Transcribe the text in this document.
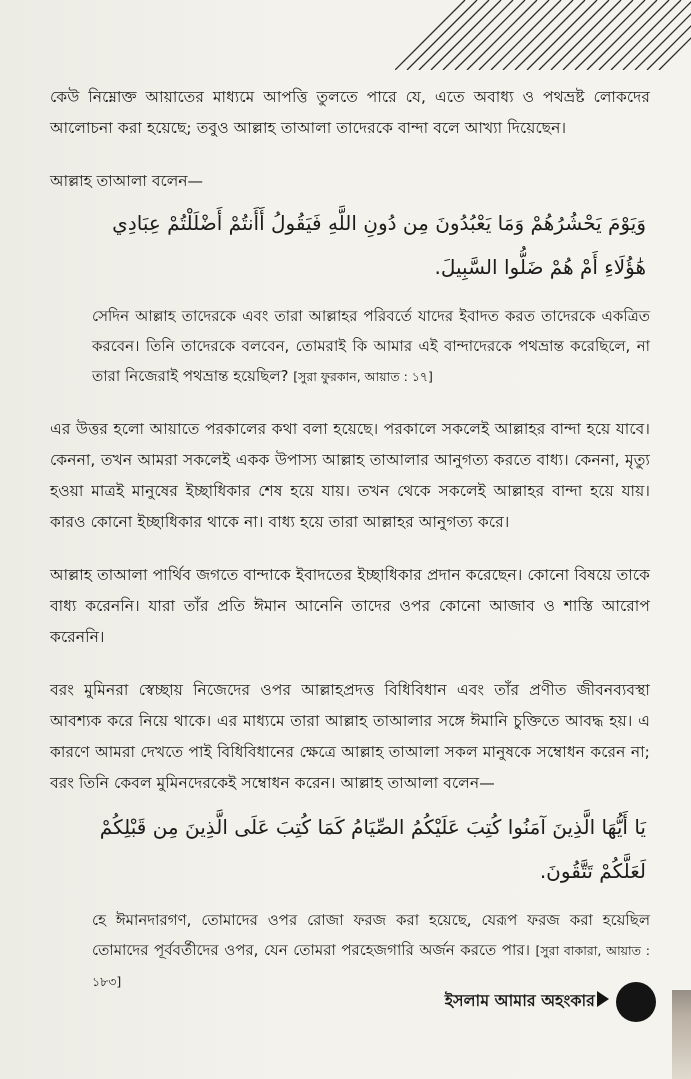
কেউ নিম্নোক্ত আয়াতের মাধ্যমে আপত্তি তুলতে পারে যে, এতে অবাধ্য ও পথভ্রষ্ট লোকদের আলোচনা করা হয়েছে; তবুও আল্লাহ তাআলা তাদেরকে বান্দা বলে আখ্যা দিয়েছেন।

আল্লাহ তাআলা বলেন—

وَيَوْمَ يَحْشُرُهُمْ وَمَا يَعْبُدُونَ مِن دُونِ اللَّهِ فَيَقُولُ أَأَنتُمْ أَضْلَلْتُمْ عِبَادِي هَٰؤُلَاءِ أَمْ هُمْ ضَلُّوا السَّبِيلَ.

সেদিন আল্লাহ তাদেরকে এবং তারা আল্লাহর পরিবর্তে যাদের ইবাদত করত তাদেরকে একত্রিত করবেন। তিনি তাদেরকে বলবেন, তোমরাই কি আমার এই বান্দাদেরকে পথভ্রান্ত করেছিলে, না তারা নিজেরাই পথভ্রান্ত হয়েছিল? [সুরা ফুরকান, আয়াত : ১৭]

এর উত্তর হলো আয়াতে পরকালের কথা বলা হয়েছে। পরকালে সকলেই আল্লাহর বান্দা হয়ে যাবে। কেননা, তখন আমরা সকলেই একক উপাস্য আল্লাহ তাআলার আনুগত্য করতে বাধ্য। কেননা, মৃত্যু হওয়া মাত্রই মানুষের ইচ্ছাধিকার শেষ হয়ে যায়। তখন থেকে সকলেই আল্লাহর বান্দা হয়ে যায়। কারও কোনো ইচ্ছাধিকার থাকে না। বাধ্য হয়ে তারা আল্লাহর আনুগত্য করে।

আল্লাহ তাআলা পার্থিব জগতে বান্দাকে ইবাদতের ইচ্ছাধিকার প্রদান করেছেন। কোনো বিষয়ে তাকে বাধ্য করেননি। যারা তাঁর প্রতি ঈমান আনেনি তাদের ওপর কোনো আজাব ও শাস্তি আরোপ করেননি।

বরং মুমিনরা স্বেচ্ছায় নিজেদের ওপর আল্লাহপ্রদত্ত বিধিবিধান এবং তাঁর প্রণীত জীবনব্যবস্থা আবশ্যক করে নিয়ে থাকে। এর মাধ্যমে তারা আল্লাহ তাআলার সঙ্গে ঈমানি চুক্তিতে আবদ্ধ হয়। এ কারণে আমরা দেখতে পাই বিধিবিধানের ক্ষেত্রে আল্লাহ তাআলা সকল মানুষকে সম্বোধন করেন না; বরং তিনি কেবল মুমিনদেরকেই সম্বোধন করেন। আল্লাহ তাআলা বলেন—

يَا أَيُّهَا الَّذِينَ آمَنُوا كُتِبَ عَلَيْكُمُ الصِّيَامُ كَمَا كُتِبَ عَلَى الَّذِينَ مِن قَبْلِكُمْ لَعَلَّكُمْ تَتَّقُونَ.

হে ঈমানদারগণ, তোমাদের ওপর রোজা ফরজ করা হয়েছে, যেরূপ ফরজ করা হয়েছিল তোমাদের পূর্ববর্তীদের ওপর, যেন তোমরা পরহেজগারি অর্জন করতে পার। [সুরা বাকারা, আয়াত : ১৮৩]

ইসলাম আমার অহংকার
